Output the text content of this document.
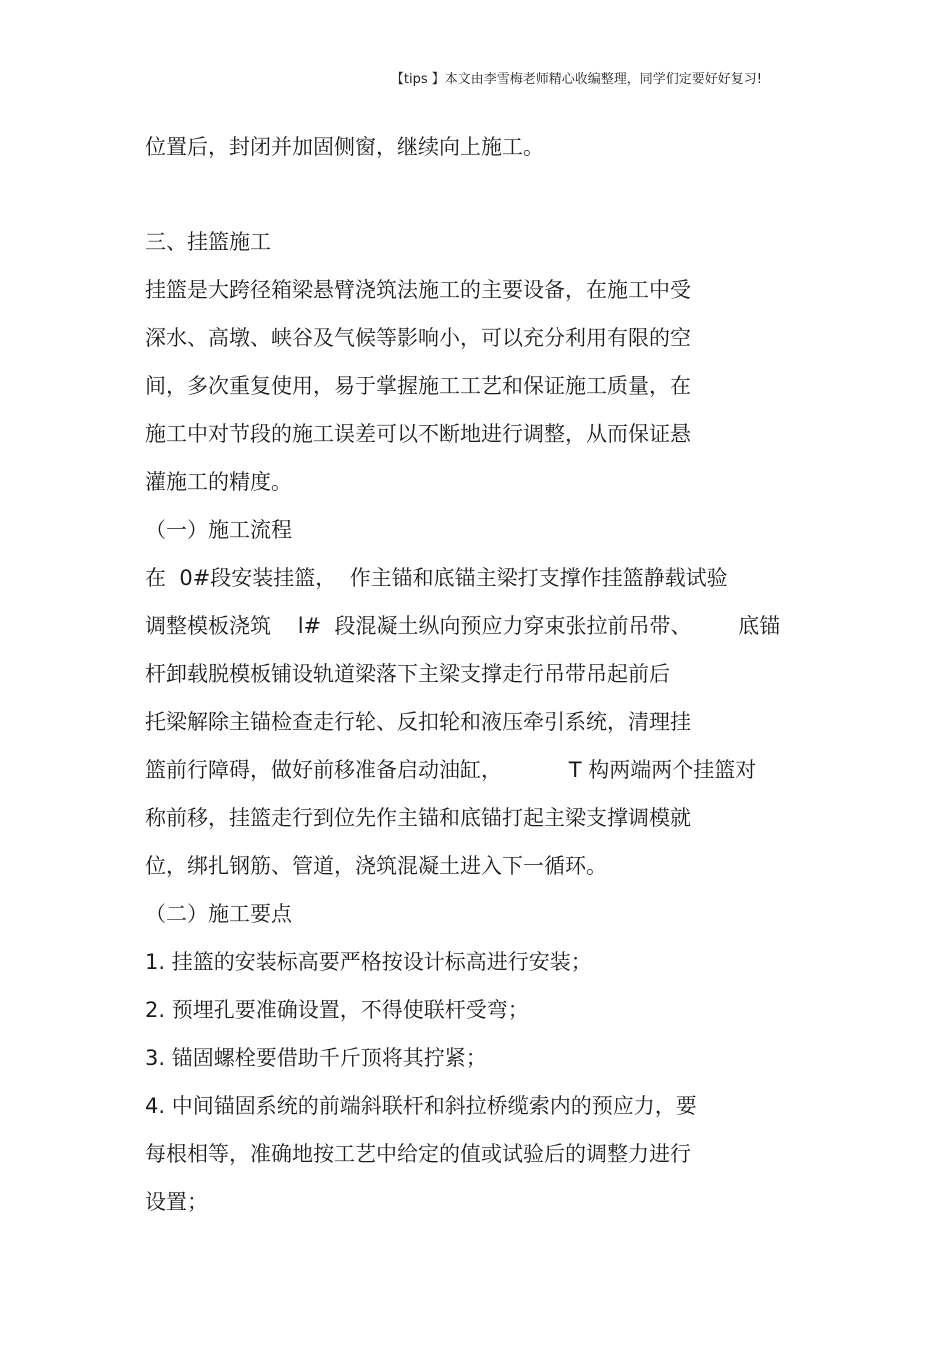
【tips 】本文由李雪梅老师精心收编整理，同学们定要好好复习!
位置后，封闭并加固侧窗，继续向上施工。
三、挂篮施工
挂篮是大跨径箱梁悬臂浇筑法施工的主要设备，在施工中受
深水、高墩、峡谷及气候等影响小，可以充分利用有限的空
间，多次重复使用，易于掌握施工工艺和保证施工质量，在
施工中对节段的施工误差可以不断地进行调整，从而保证悬
灌施工的精度。
（一）施工流程
在  0#段安装挂篮，  作主锚和底锚主梁打支撑作挂篮静载试验
调整模板浇筑    l#  段混凝土纵向预应力穿束张拉前吊带、       底锚
杆卸载脱模板铺设轨道梁落下主梁支撑走行吊带吊起前后
托梁解除主锚检查走行轮、反扣轮和液压牵引系统，清理挂
篮前行障碍，做好前移准备启动油缸，          T 构两端两个挂篮对
称前移，挂篮走行到位先作主锚和底锚打起主梁支撑调模就
位，绑扎钢筋、管道，浇筑混凝土进入下一循环。
（二）施工要点
1. 挂篮的安装标高要严格按设计标高进行安装；
2. 预埋孔要准确设置，不得使联杆受弯；
3. 锚固螺栓要借助千斤顶将其拧紧；
4. 中间锚固系统的前端斜联杆和斜拉桥缆索内的预应力，要
每根相等，准确地按工艺中给定的值或试验后的调整力进行
设置；
